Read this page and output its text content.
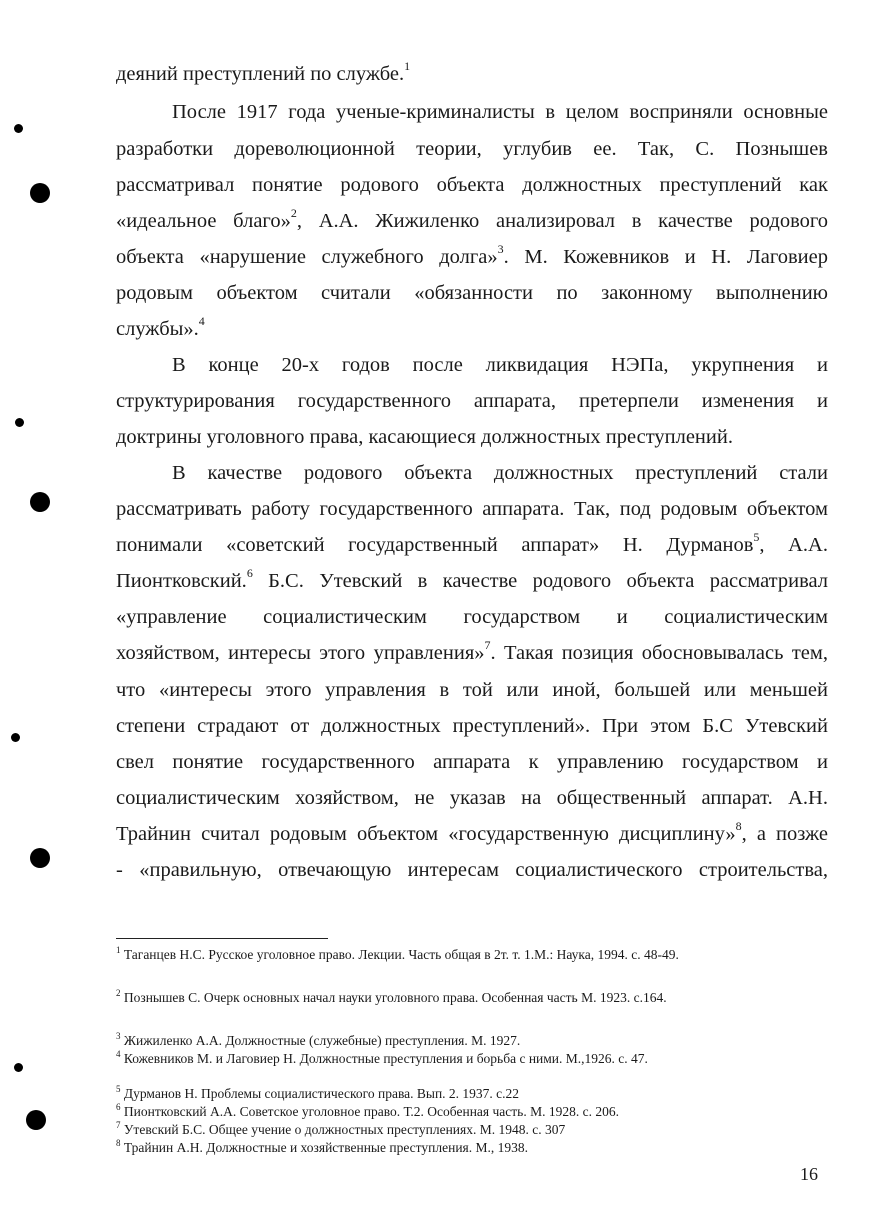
деяний преступлений по службе.$^1$
После 1917 года ученые-криминалисты в целом восприняли основные
разработки дореволюционной теории, углубив ее. Так, С. Познышев
рассматривал понятие родового объекта должностных преступлений как
«идеальное благо»$^2$, А.А. Жижиленко анализировал в качестве родового
объекта «нарушение служебного долга»$^3$. М. Кожевников и Н. Лаговиер
родовым объектом считали «обязанности по законному выполнению
службы».$^4$
В конце 20-х годов после ликвидация НЭПа, укрупнения и
структурирования государственного аппарата, претерпели изменения и
доктрины уголовного права, касающиеся должностных преступлений.
В качестве родового объекта должностных преступлений стали
рассматривать работу государственного аппарата. Так, под родовым объектом
понимали «советский государственный аппарат» Н. Дурманов$^5$, А.А.
Пионтковский.$^6$ Б.С. Утевский в качестве родового объекта рассматривал
«управление социалистическим государством и социалистическим
хозяйством, интересы этого управления»$^7$. Такая позиция обосновывалась тем,
что «интересы этого управления в той или иной, большей или меньшей
степени страдают от должностных преступлений». При этом Б.С Утевский
свел понятие государственного аппарата к управлению государством и
социалистическим хозяйством, не указав на общественный аппарат. А.Н.
Трайнин считал родовым объектом «государственную дисциплину»$^8$, а позже
- «правильную, отвечающую интересам социалистического строительства,
$^1$ Таганцев Н.С. Русское уголовное право. Лекции. Часть общая в 2т. т. 1.М.: Наука, 1994. с. 48-49.
$^2$ Познышев С. Очерк основных начал науки уголовного права. Особенная часть М. 1923. с.164.
$^3$ Жижиленко А.А. Должностные (служебные) преступления. М. 1927.
$^4$ Кожевников М. и Лаговиер Н. Должностные преступления и борьба с ними. М.,1926. с. 47.
$^5$ Дурманов Н. Проблемы социалистического права. Вып. 2. 1937. с.22
$^6$ Пионтковский А.А. Советское уголовное право. Т.2. Особенная часть. М. 1928. с. 206.
$^7$ Утевский Б.С. Общее учение о должностных преступлениях. М. 1948. с. 307
$^8$ Трайнин А.Н. Должностные и хозяйственные преступления. М., 1938.
16
